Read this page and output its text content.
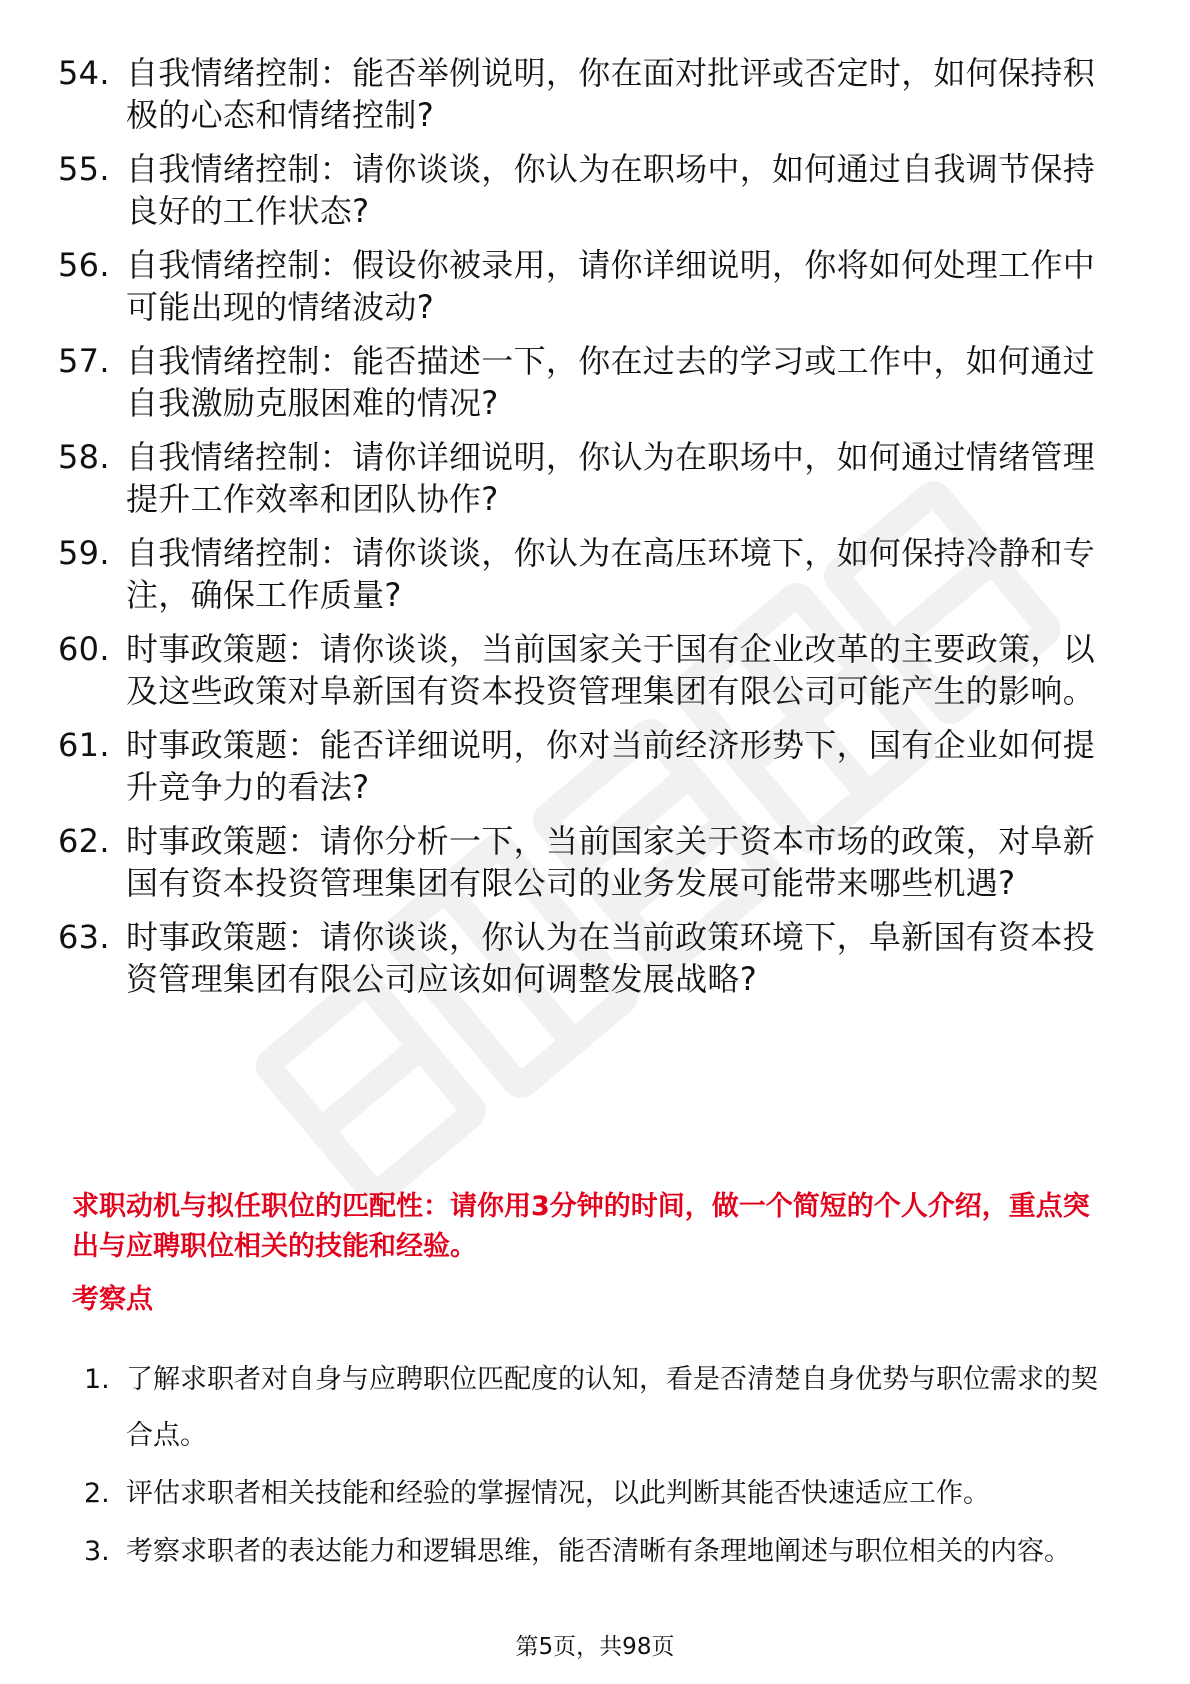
54. 自我情绪控制：能否举例说明，你在面对批评或否定时，如何保持积极的心态和情绪控制?
55. 自我情绪控制：请你谈谈，你认为在职场中，如何通过自我调节保持良好的工作状态?
56. 自我情绪控制：假设你被录用，请你详细说明，你将如何处理工作中可能出现的情绪波动?
57. 自我情绪控制：能否描述一下，你在过去的学习或工作中，如何通过自我激励克服困难的情况?
58. 自我情绪控制：请你详细说明，你认为在职场中，如何通过情绪管理提升工作效率和团队协作?
59. 自我情绪控制：请你谈谈，你认为在高压环境下，如何保持冷静和专注，确保工作质量?
60. 时事政策题：请你谈谈，当前国家关于国有企业改革的主要政策，以及这些政策对阜新国有资本投资管理集团有限公司可能产生的影响。
61. 时事政策题：能否详细说明，你对当前经济形势下，国有企业如何提升竞争力的看法?
62. 时事政策题：请你分析一下，当前国家关于资本市场的政策，对阜新国有资本投资管理集团有限公司的业务发展可能带来哪些机遇?
63. 时事政策题：请你谈谈，你认为在当前政策环境下，阜新国有资本投资管理集团有限公司应该如何调整发展战略?
求职动机与拟任职位的匹配性：请你用3分钟的时间，做一个简短的个人介绍，重点突出与应聘职位相关的技能和经验。
考察点
1. 了解求职者对自身与应聘职位匹配度的认知，看是否清楚自身优势与职位需求的契合点。
2. 评估求职者相关技能和经验的掌握情况，以此判断其能否快速适应工作。
3. 考察求职者的表达能力和逻辑思维，能否清晰有条理地阐述与职位相关的内容。
第5页，共98页
